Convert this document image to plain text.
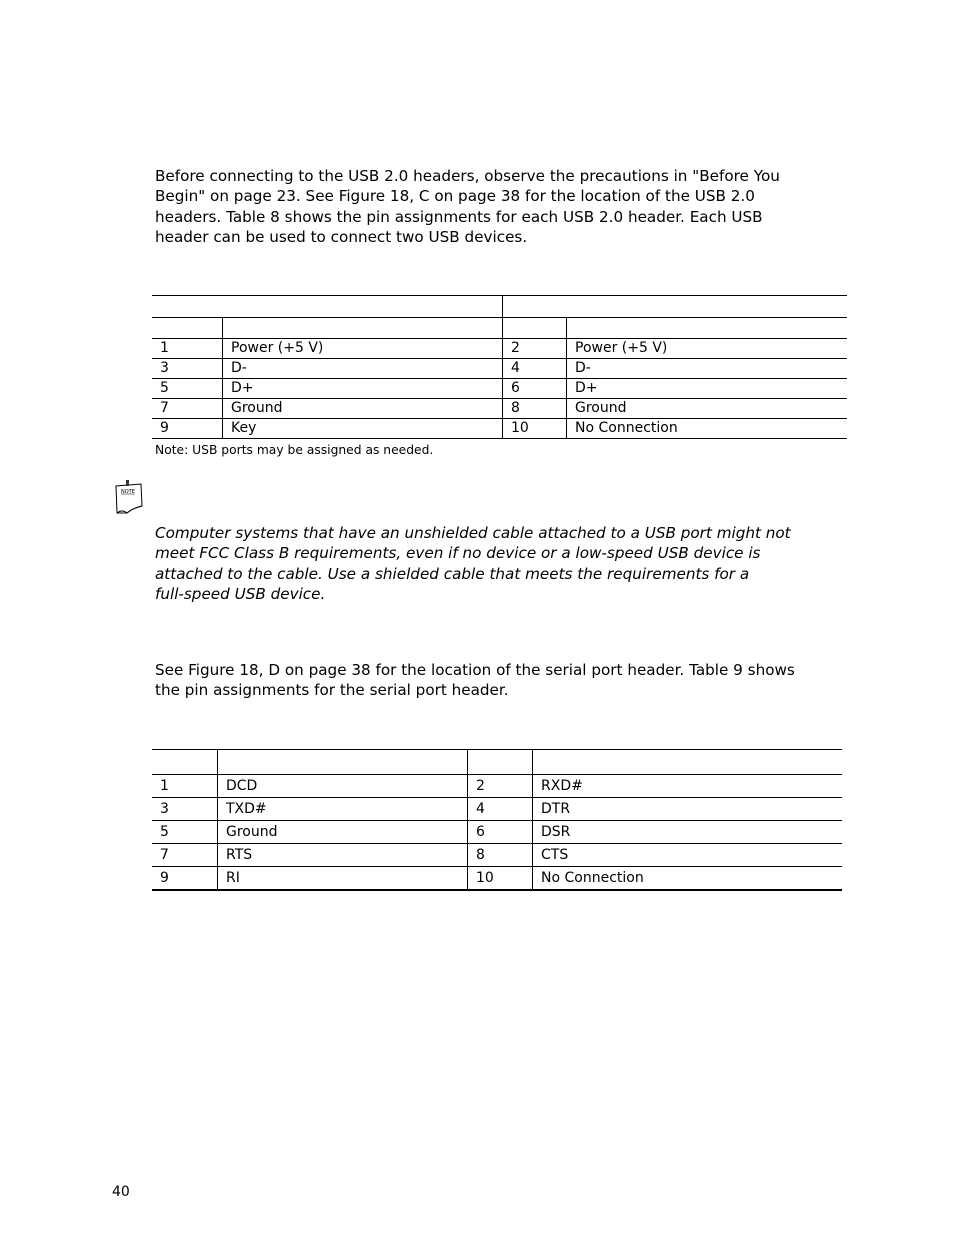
Before connecting to the USB 2.0 headers, observe the precautions in "Before You
Begin" on page 23. See Figure 18, C on page 38 for the location of the USB 2.0
headers. Table 8 shows the pin assignments for each USB 2.0 header. Each USB
header can be used to connect two USB devices.

1	Power (+5 V)	2	Power (+5 V)
3	D-	4	D-
5	D+	6	D+
7	Ground	8	Ground
9	Key	10	No Connection
Note: USB ports may be assigned as needed.
NOTE

Computer systems that have an unshielded cable attached to a USB port might not
meet FCC Class B requirements, even if no device or a low-speed USB device is
attached to the cable. Use a shielded cable that meets the requirements for a
full-speed USB device.

See Figure 18, D on page 38 for the location of the serial port header. Table 9 shows
the pin assignments for the serial port header.

1	DCD	2	RXD#
3	TXD#	4	DTR
5	Ground	6	DSR
7	RTS	8	CTS
9	RI	10	No Connection
40
